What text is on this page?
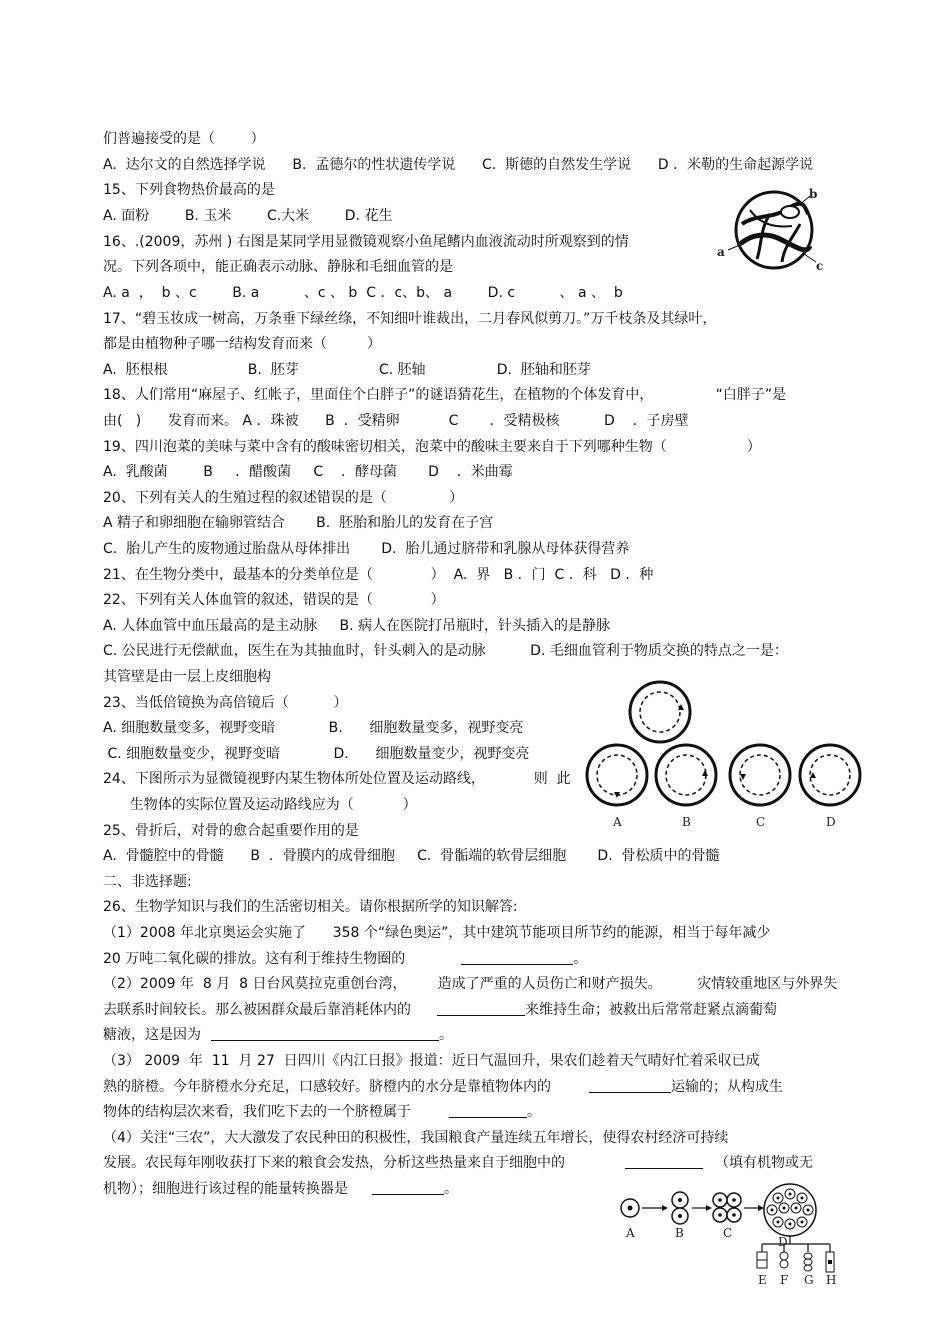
们普遍接受的是（        ）
A.  达尔文的自然选择学说      B.  孟德尔的性状遗传学说      C.  斯德的自然发生学说      D ．米勒的生命起源学说
15、下列食物热价最高的是
A. 面粉        B. 玉米        C.大米        D. 花生
16、.(2009，苏州 ) 右图是某同学用显微镜观察小鱼尾鳍内血液流动时所观察到的情
况。下列各项中，能正确表示动脉、静脉和毛细血管的是
A. a  ，  b 、c        B. a          、c 、 b  C ．c、b、 a        D. c          、 a 、  b
17、“碧玉妆成一树高，万条垂下绿丝绦，不知细叶谁裁出，二月春风似剪刀。”万千枝条及其绿叶，
都是由植物种子哪一结构发育而来（         ）
A.  胚根根                  B.  胚芽                  C. 胚轴                D.  胚轴和胚芽
18、人们常用“麻屋子、红帐子，里面住个白胖子”的谜语猜花生，在植物的个体发育中，              “白胖子”是
由(   )      发育而来。 A ．珠被      B  ．受精卵           C       ．受精极核          D    ．子房壁
19、四川泡菜的美味与菜中含有的酸味密切相关，泡菜中的酸味主要来自于下列哪种生物（                  ）
A.  乳酸菌        B     ．醋酸菌     C    ．酵母菌       D    ．米曲霉
20、下列有关人的生殖过程的叙述错误的是（              ）
A 精子和卵细胞在输卵管结合       B.  胚胎和胎儿的发育在子宫
C.  胎儿产生的废物通过胎盘从母体排出       D.  胎儿通过脐带和乳腺从母体获得营养
21、在生物分类中，最基本的分类单位是（             ）  A.  界   B ．门  C ．科   D ．种
22、下列有关人体血管的叙述，错误的是（             ）
A. 人体血管中血压最高的是主动脉     B. 病人在医院打吊瓶时，针头插入的是静脉
C. 公民进行无偿献血，医生在为其抽血时，针头刺入的是动脉          D. 毛细血管利于物质交换的特点之一是：
其管壁是由一层上皮细胞构
23、当低倍镜换为高倍镜后（          ）
A. 细胞数量变多，视野变暗            B.      细胞数量变多，视野变亮
C. 细胞数量变少，视野变暗            D.      细胞数量变少，视野变亮
24、下图所示为显微镜视野内某生物体所处位置及运动路线，           则  此
生物体的实际位置及运动路线应为（           ）
25、骨折后，对骨的愈合起重要作用的是
A.  骨髓腔中的骨髓      B  ．骨膜内的成骨细胞     C.  骨骺端的软骨层细胞       D.  骨松质中的骨髓
二、非选择题:
26、生物学知识与我们的生活密切相关。请你根据所学的知识解答:
（1）2008 年北京奥运会实施了      358 个“绿色奥运”，其中建筑节能项目所节约的能源，相当于每年减少
20 万吨二氧化碳的排放。这有利于维持生物圈的	。
（2）2009 年  8 月  8 日台风莫拉克重创台湾，       造成了严重的人员伤亡和财产损失。        灾情较重地区与外界失
去联系时间较长。那么被困群众最后靠消耗体内的	来维持生命；被救出后常常赶紧点滴葡萄
糖液，这是因为	。
（3） 2009  年  11  月 27  日四川《内江日报》报道：近日气温回升，果农们趁着天气晴好忙着采収已成
熟的脐橙。今年脐橙水分充足，口感较好。脐橙内的水分是靠植物体内的	运输的；从构成生
物体的结构层次来看，我们吃下去的一个脐橙属于	。
（4）关注“三农”，大大激发了农民种田的积极性，我国粮食产量连续五年增长，使得农村经济可持续
发展。农民每年刚收获打下来的粮食会发热，分析这些热量来自于细胞中的	（填有机物或无
机物）；细胞进行该过程的能量转换器是	。
b
a
c
A	B	C	D
A	B	C
D
E F G H
